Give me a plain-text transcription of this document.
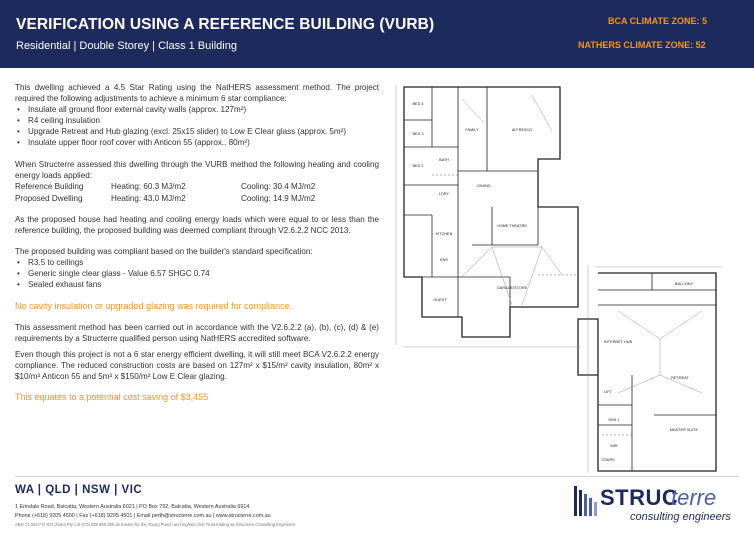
VERIFICATION USING A REFERENCE BUILDING (VURB)
Residential | Double Storey | Class 1 Building
BCA CLIMATE ZONE: 5
NATHERS CLIMATE ZONE: 52

This dwelling achieved a 4.5 Star Rating using the NatHERS assessment method. The project required the following adjustments to achieve a minimum 6 star compliance:

• Insulate all ground floor external cavity walls (approx. 127m²)
• R4 ceiling insulation
• Upgrade Retreat and Hub glazing (excl. 25x15 slider) to Low E Clear glass (approx. 5m²)
• Insulate upper floor roof cover with Anticon 55 (approx.. 80m²)

When Structerre assessed this dwelling through the VURB method the following heating and cooling energy loads applied:

Reference Building	Heating: 60.3 MJ/m2	Cooling: 30.4 MJ/m2
Proposed Dwelling	Heating: 43.0 MJ/m2	Cooling: 14.9 MJ/m2

As the proposed house had heating and cooling energy loads which were equal to or less than the reference building, the proposed building was deemed compliant through V2.6.2.2 NCC 2013.

The proposed building was compliant based on the builder's standard specification:

• R3.5 to ceilings
• Generic single clear glass - Value 6.57 SHGC 0.74
• Sealed exhaust fans

No cavity insulation or upgraded glazing was required for compliance.

This assessment method has been carried out in accordance with the V2.6.2.2 (a), (b), (c), (d) & (e) requirements by a Structerre qualified person using NatHERS accredited software.

Even though this project is not a 6 star energy efficient dwelling, it will still meet BCA V2.6.2.2 energy compliance. The reduced construction costs are based on 127m² x $15/m² cavity insulation, 80m² x $10/m² Anticon 55 and 5m² x $150/m² Low E Clear glazing.

This equates to a potential cost saving of $3,455

BED 4
BED 3
BED 2
FAMILY	ALFRESCO
BATH
LDRY
DINING
HOME THEATRE
KITCHEN
ENS
GARAGE/STORE
GUEST
BALCONY
INTERNET HUB
RETREAT
ENS 1
WIR
MASTER SUITE
LIFT
STAIRS
WA | QLD | NSW | VIC
1 Erindale Road, Balcatta, Western Australia 6021 | PO Box 792, Balcatta, Western Australia 6914
Phone (+618) 9205 4500 | Fax (+618) 9205 4501 | Email perth@structerre.com.au | www.structerre.com.au
ABN 71 349 772 837 Zema Pty Ltd ACN 008 966 365 as trustee for the Young Punch and Ingham Unit Trust trading as Structerre Consulting Engineers
STRUC
terre
consulting engineers
